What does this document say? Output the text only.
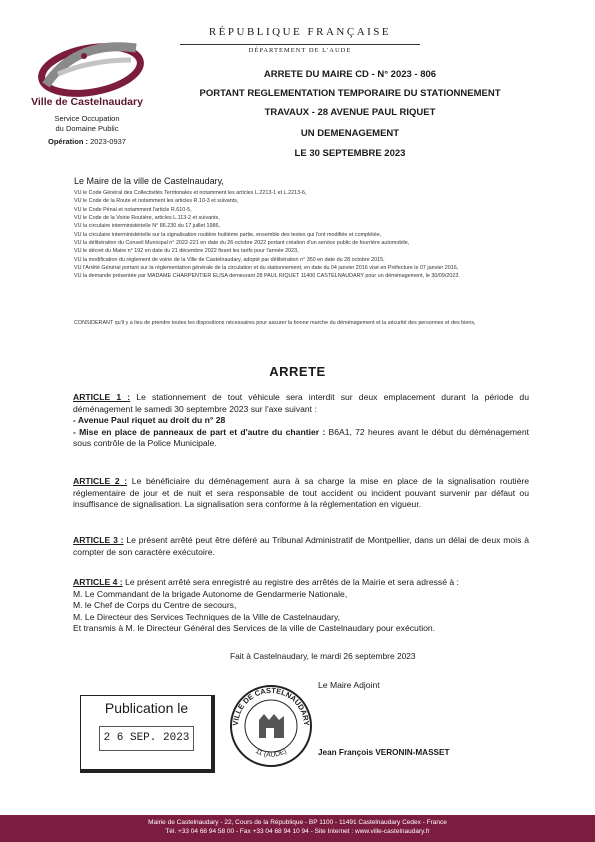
Ville de Castelnaudary
Service Occupation
du Domaine Public
Opération : 2023-0937
RÉPUBLIQUE FRANÇAISE
DÉPARTEMENT DE L'AUDE
ARRETE DU MAIRE CD - N° 2023 - 806
PORTANT REGLEMENTATION TEMPORAIRE DU STATIONNEMENT
TRAVAUX - 28 AVENUE PAUL RIQUET
UN DEMENAGEMENT
LE 30 SEPTEMBRE 2023
Le Maire de la ville de Castelnaudary,
VU le Code Général des Collectivités Territoriales et notamment les articles L.2213-1 et L.2213-6,
VU le Code de la Route et notamment les articles R.10-3 et suivants,
VU le Code Pénal et notamment l'article R.610-5,
VU le Code de la Voirie Routière, articles L.113-2 et suivants,
VU la circulaire interministérielle N° 86.230 du 17 juillet 1986,
VU la circulaire interministérielle sur la signalisation routière huitième partie, ensemble des textes qui l'ont modifiée et complétée,
VU la délibération du Conseil Municipal n° 2022-221 en date du 26 octobre 2022 portant création d'un service public de fourrière automobile,
VU le décret du Maire n° 192 en date du 21 décembre 2022 fixant les tarifs pour l'année 2023,
VU la modification du règlement de voirie de la Ville de Castelnaudary, adopté par délibération n° 350 en date du 28 octobre 2015,
VU l'Arrêté Général portant sur la réglementation générale de la circulation et du stationnement, en date du 04 janvier 2016 visé en Préfecture le 07 janvier 2016,
VU la demande présentée par MADAME CHARPENTIER ELISA demeurant 28 PAUL RIQUET 11400 CASTELNAUDARY pour un déménagement, le 30/09/2023.
CONSIDERANT qu'il y a lieu de prendre toutes les dispositions nécessaires pour assurer la bonne marche du déménagement et la sécurité des personnes et des biens,
ARRETE
ARTICLE 1 : Le stationnement de tout véhicule sera interdit sur deux emplacement durant la période du déménagement le samedi 30 septembre 2023 sur l'axe suivant :
- Avenue Paul riquet au droit du n° 28
- Mise en place de panneaux de part et d'autre du chantier : B6A1, 72 heures avant le début du déménagement sous contrôle de la Police Municipale.
ARTICLE 2 : Le bénéficiaire du déménagement aura à sa charge la mise en place de la signalisation routière réglementaire de jour et de nuit et sera responsable de tout accident ou incident pouvant survenir par défaut ou insuffisance de signalisation. La signalisation sera conforme à la réglementation en vigueur.
ARTICLE 3 : Le présent arrêté peut être déféré au Tribunal Administratif de Montpellier, dans un délai de deux mois à compter de son caractère exécutoire.
ARTICLE 4 : Le présent arrêté sera enregistré au registre des arrêtés de la Mairie et sera adressé à :
M. Le Commandant de la brigade Autonome de Gendarmerie Nationale,
M. le Chef de Corps du Centre de secours,
M. Le Directeur des Services Techniques de la Ville de Castelnaudary,
Et transmis à M. le Directeur Général des Services de la ville de Castelnaudary pour exécution.
Fait à Castelnaudary, le mardi 26 septembre 2023
Le Maire Adjoint
VILLE DE CASTELNAUDARY
11 (AUDE)	Jean François VERONIN-MASSET
Publication le
2 6 SEP. 2023
Mairie de Castelnaudary - 22, Cours de la République - BP 1100 - 11491 Castelnaudary Cedex - France
Tél. +33 04 68 94 58 00 - Fax +33 04 68 94 10 94 - Site Internet : www.ville-castelnaudary.fr
